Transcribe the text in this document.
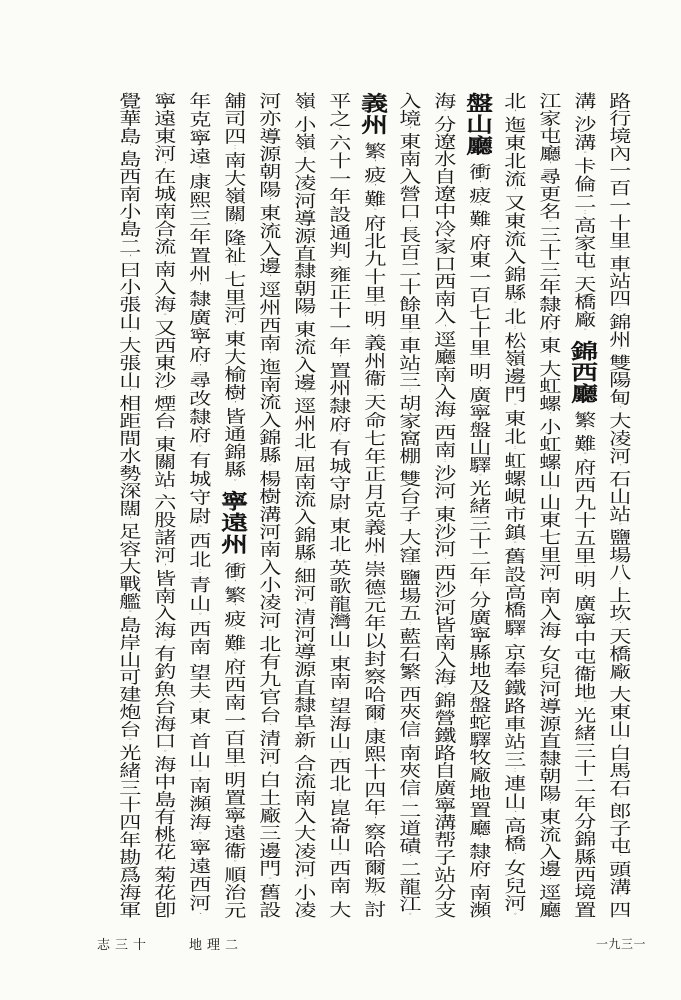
路行境內一百一十里。車站四：錦州、雙陽甸、大凌河、石山站。鹽場八：上坎、天橋廠、大東山、白馬石、郎子屯、頭溝、四
溝、沙溝。卡倫二：高家屯、天橋廠。錦西廳繁，難。府西九十五里。明，廣寧中屯衞地。光緒三十二年分錦縣西境置
江家屯廳，尋更名。三十三年隸府。東：大虹螺、小虹螺山，山東七里河，南入海。女兒河導源直隸朝陽，東流入邊，逕廳
北，迤東北流，又東流入錦縣。北：松嶺邊門。東北：虹螺峴市鎮。舊設高橋驛。京奉鐵路車站三：連山、高橋、女兒河。
盤山廳衝，疲，難。府東一百七十里。明，廣寧盤山驛。光緒三十二年，分廣寧縣地及盤蛇驛牧廠地置廳，隸府。南瀕
海。分遼水自遼中冷家口西南入，逕廳南入海。西南：沙河、東沙河、西沙河皆南入海。錦營鐵路自廣寧溝帮子站分支
入境，東南入營口，長百二十餘里。車站三：胡家窩棚、雙台子、大窪。鹽場五：藍石繁、西夾信、南夾信、二道磧、二龍江。
義州繁，疲，難。府北九十里。明，義州衞。天命七年正月克義州。崇德元年以封察哈爾。康熙十四年，察哈爾叛，討
平之。六十一年設通判。雍正十一年，置州隸府。有城守尉。東北：英歌龍灣山。東南：望海山。西北：崑崙山。西南：大
嶺、小嶺。大凌河導源直隸朝陽，東流入邊，逕州北，屈南流入錦縣。細河、清河導源直隸阜新，合流南入大凌河。小凌
河亦導源朝陽，東流入邊，逕州西南，迤南流入錦縣。楊樹溝河南入小凌河。北有九官台、清河、白土廠三邊門。舊設
舖司四：南大嶺關、隆祉、七里河、東大榆樹，皆通錦縣。寧遠州衝，繁，疲，難。府西南一百里。明置寧遠衞。順治元
年克寧遠。康熙三年置州，隸廣寧府，尋改隸府。有城守尉。西北：青山。西南：望夫。東：首山。南瀕海。寧遠西河、
寧遠東河，在城南合流，南入海。又西東沙、煙台、東關站、六股諸河，皆南入海。有釣魚台海口。海中島有桃花、菊花卽
覺華島，島西南小島二，曰小張山、大張山，相距間水勢深闊，足容大戰艦。島岸山可建炮台。光緒三十四年勘爲海軍
志三十	地理二	一九三一
